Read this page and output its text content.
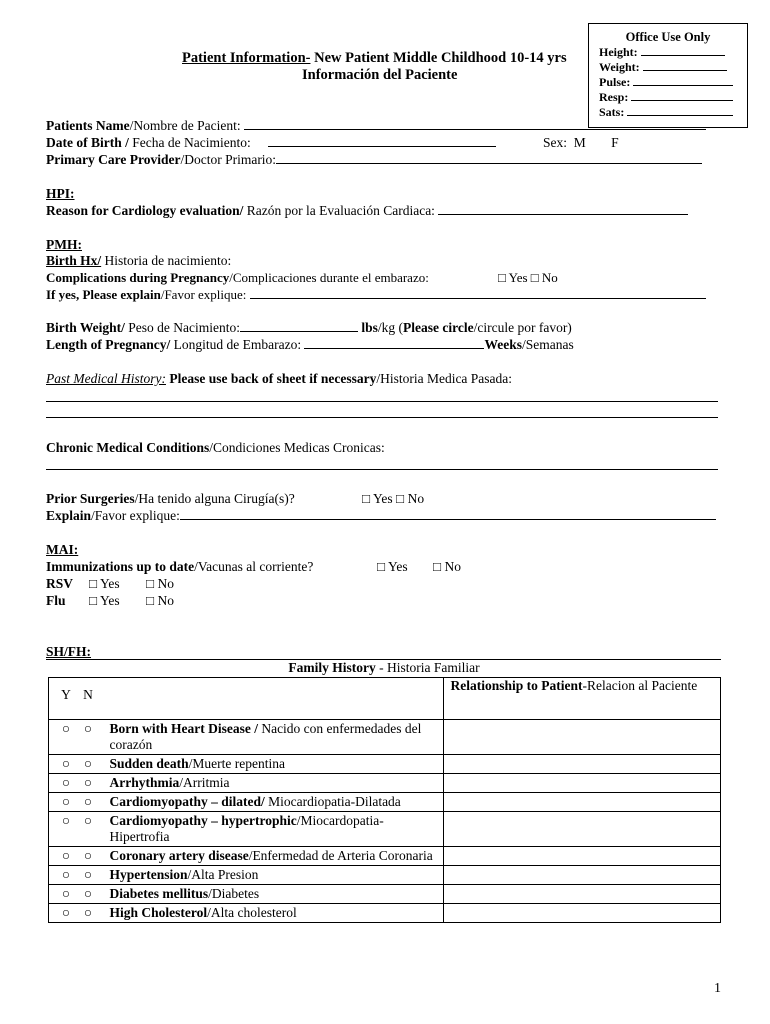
Office Use Only
Height:
Weight:
Pulse:
Resp:
Sats:
Patient Information- New Patient Middle Childhood 10-14 yrs
Información del Paciente
Patients Name/Nombre de Pacient:
Date of Birth / Fecha de Nacimiento:	Sex: M F
Primary Care Provider/Doctor Primario:
HPI:
Reason for Cardiology evaluation/ Razón por la Evaluación Cardiaca:
PMH:
Birth Hx/ Historia de nacimiento:
Complications during Pregnancy/Complicaciones durante el embarazo:	□ Yes □ No
If yes, Please explain/Favor explique:
Birth Weight/ Peso de Nacimiento:	lbs/kg (Please circle/circule por favor)
Length of Pregnancy/ Longitud de Embarazo:	Weeks/Semanas
Past Medical History: Please use back of sheet if necessary/Historia Medica Pasada:
Chronic Medical Conditions/Condiciones Medicas Cronicas:
Prior Surgeries/Ha tenido alguna Cirugía(s)?	□ Yes □ No
Explain/Favor explique:
MAI:
Immunizations up to date/Vacunas al corriente?	□ Yes □ No
RSV □ Yes □ No
Flu □ Yes □ No
SH/FH:
Family History - Historia Familiar
Y N		Relationship to Patient-Relacion al Paciente
○ ○	Born with Heart Disease / Nacido con enfermedades del corazón	
○ ○	Sudden death/Muerte repentina	
○ ○	Arrhythmia/Arritmia	
○ ○	Cardiomyopathy – dilated/ Miocardiopatia-Dilatada	
○ ○	Cardiomyopathy – hypertrophic/Miocardopatia-Hipertrofia	
○ ○	Coronary artery disease/Enfermedad de Arteria Coronaria	
○ ○	Hypertension/Alta Presion	
○ ○	Diabetes mellitus/Diabetes	
○ ○	High Cholesterol/Alta cholesterol	
1
